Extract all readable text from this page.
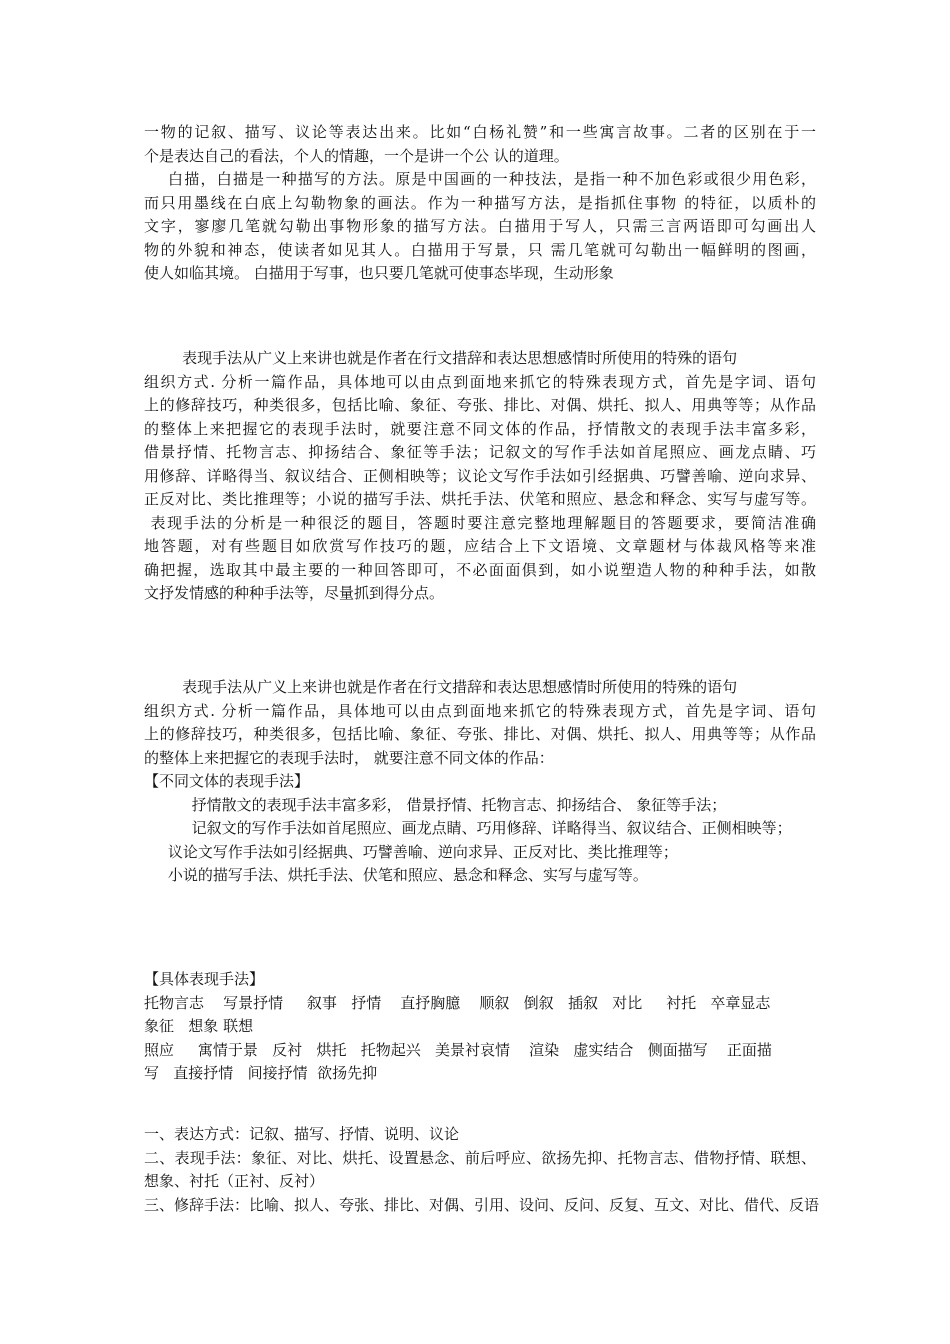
一物的记叙、描写、议论等表达出来。比如“白杨礼赞”和一些寓言故事。二者的区别在于一
个是表达自己的看法，个人的情趣，一个是讲一个公 认的道理。
白描，白描是一种描写的方法。原是中国画的一种技法，是指一种不加色彩或很少用色彩，
而只用墨线在白底上勾勒物象的画法。作为一种描写方法，是指抓住事物 的特征，以质朴的
文字，寥廖几笔就勾勒出事物形象的描写方法。白描用于写人，只需三言两语即可勾画出人
物的外貌和神态，使读者如见其人。白描用于写景，只 需几笔就可勾勒出一幅鲜明的图画，
使人如临其境。 白描用于写事，也只要几笔就可使事态毕现，生动形象
表现手法从广义上来讲也就是作者在行文措辞和表达思想感情时所使用的特殊的语句
组织方式. 分析一篇作品，具体地可以由点到面地来抓它的特殊表现方式，首先是字词、语句
上的修辞技巧，种类很多，包括比喻、象征、夸张、排比、对偶、烘托、拟人、用典等等；从作品
的整体上来把握它的表现手法时，就要注意不同文体的作品，抒情散文的表现手法丰富多彩，
借景抒情、托物言志、抑扬结合、象征等手法；记叙文的写作手法如首尾照应、画龙点睛、巧
用修辞、详略得当、叙议结合、正侧相映等；议论文写作手法如引经据典、巧譬善喻、逆向求异、
正反对比、类比推理等；小说的描写手法、烘托手法、伏笔和照应、悬念和释念、实写与虚写等。
表现手法的分析是一种很泛的题目，答题时要注意完整地理解题目的答题要求，要简洁准确
地答题，对有些题目如欣赏写作技巧的题，应结合上下文语境、文章题材与体裁风格等来准
确把握，选取其中最主要的一种回答即可，不必面面俱到，如小说塑造人物的种种手法，如散
文抒发情感的种种手法等，尽量抓到得分点。
表现手法从广义上来讲也就是作者在行文措辞和表达思想感情时所使用的特殊的语句
组织方式. 分析一篇作品，具体地可以由点到面地来抓它的特殊表现方式，首先是字词、语句
上的修辞技巧，种类很多，包括比喻、象征、夸张、排比、对偶、烘托、拟人、用典等等；从作品
的整体上来把握它的表现手法时， 就要注意不同文体的作品：
【不同文体的表现手法】
抒情散文的表现手法丰富多彩， 借景抒情、托物言志、抑扬结合、 象征等手法；
记叙文的写作手法如首尾照应、画龙点睛、巧用修辞、详略得当、叙议结合、正侧相映等；
议论文写作手法如引经据典、巧譬善喻、逆向求异、正反对比、类比推理等；
小说的描写手法、烘托手法、伏笔和照应、悬念和释念、实写与虚写等。
【具体表现手法】
托物言志    写景抒情     叙事   抒情    直抒胸臆    顺叙   倒叙   插叙   对比     衬托   卒章显志
象征   想象 联想
照应     寓情于景   反衬   烘托   托物起兴   美景衬哀情    渲染   虚实结合   侧面描写    正面描
写   直接抒情   间接抒情  欲扬先抑
一、表达方式：记叙、描写、抒情、说明、议论
二、表现手法：象征、对比、烘托、设置悬念、前后呼应、欲扬先抑、托物言志、借物抒情、联想、
想象、衬托（正衬、反衬）
三、修辞手法：比喻、拟人、夸张、排比、对偶、引用、设问、反问、反复、互文、对比、借代、反语
